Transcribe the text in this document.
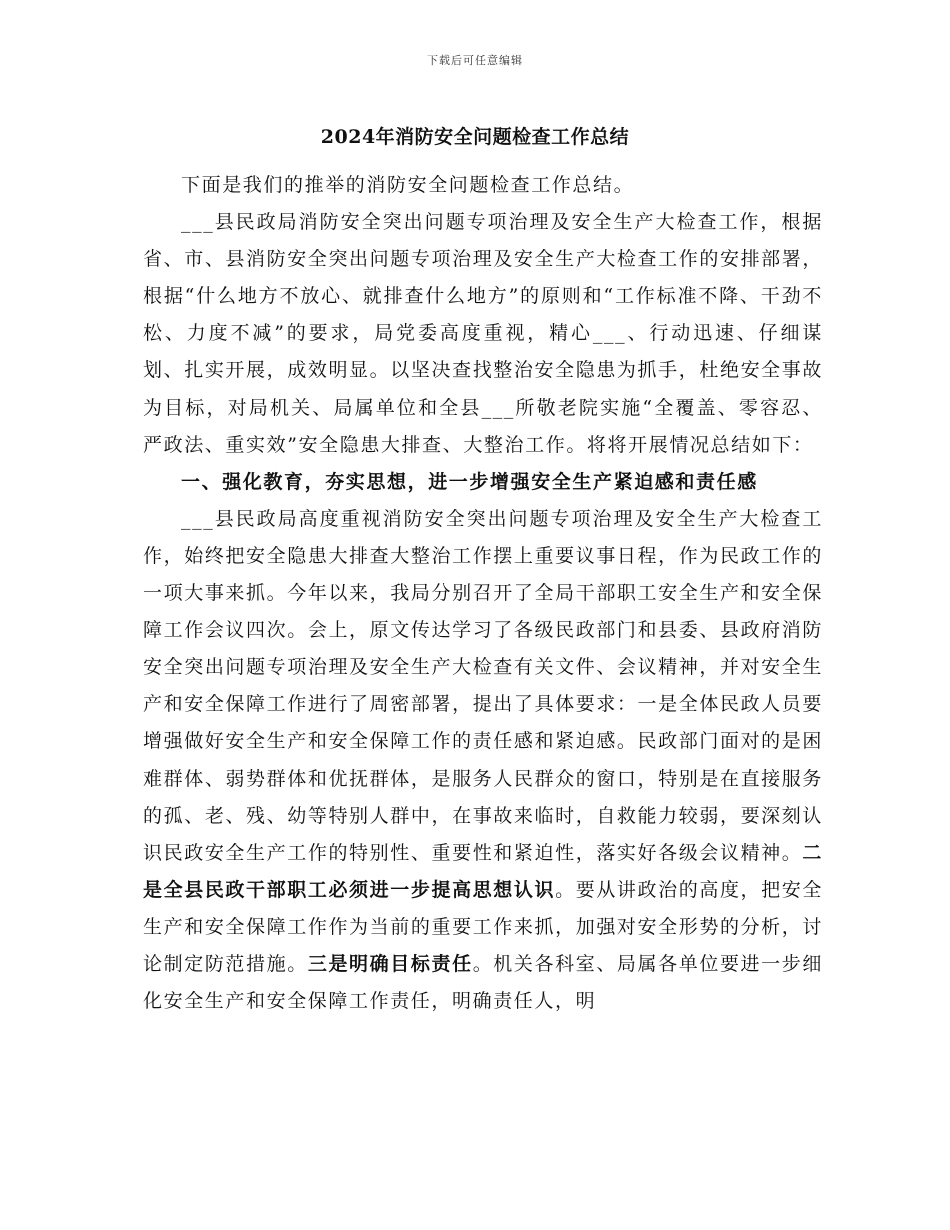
下载后可任意编辑
2024年消防安全问题检查工作总结

下面是我们的推举的消防安全问题检查工作总结。

___县民政局消防安全突出问题专项治理及安全生产大检查工作，根据省、市、县消防安全突出问题专项治理及安全生产大检查工作的安排部署，根据“什么地方不放心、就排查什么地方”的原则和“工作标准不降、干劲不松、力度不减”的要求，局党委高度重视，精心___、行动迅速、仔细谋划、扎实开展，成效明显。以坚决查找整治安全隐患为抓手，杜绝安全事故为目标，对局机关、局属单位和全县___所敬老院实施“全覆盖、零容忍、严政法、重实效”安全隐患大排查、大整治工作。将将开展情况总结如下：

一、强化教育，夯实思想，进一步增强安全生产紧迫感和责任感

___县民政局高度重视消防安全突出问题专项治理及安全生产大检查工作，始终把安全隐患大排查大整治工作摆上重要议事日程，作为民政工作的一项大事来抓。今年以来，我局分别召开了全局干部职工安全生产和安全保障工作会议四次。会上，原文传达学习了各级民政部门和县委、县政府消防安全突出问题专项治理及安全生产大检查有关文件、会议精神，并对安全生产和安全保障工作进行了周密部署，提出了具体要求：一是全体民政人员要增强做好安全生产和安全保障工作的责任感和紧迫感。民政部门面对的是困难群体、弱势群体和优抚群体，是服务人民群众的窗口，特别是在直接服务的孤、老、残、幼等特别人群中，在事故来临时，自救能力较弱，要深刻认识民政安全生产工作的特别性、重要性和紧迫性，落实好各级会议精神。二是全县民政干部职工必须进一步提高思想认识。要从讲政治的高度，把安全生产和安全保障工作作为当前的重要工作来抓，加强对安全形势的分析，讨论制定防范措施。三是明确目标责任。机关各科室、局属各单位要进一步细化安全生产和安全保障工作责任，明确责任人，明
